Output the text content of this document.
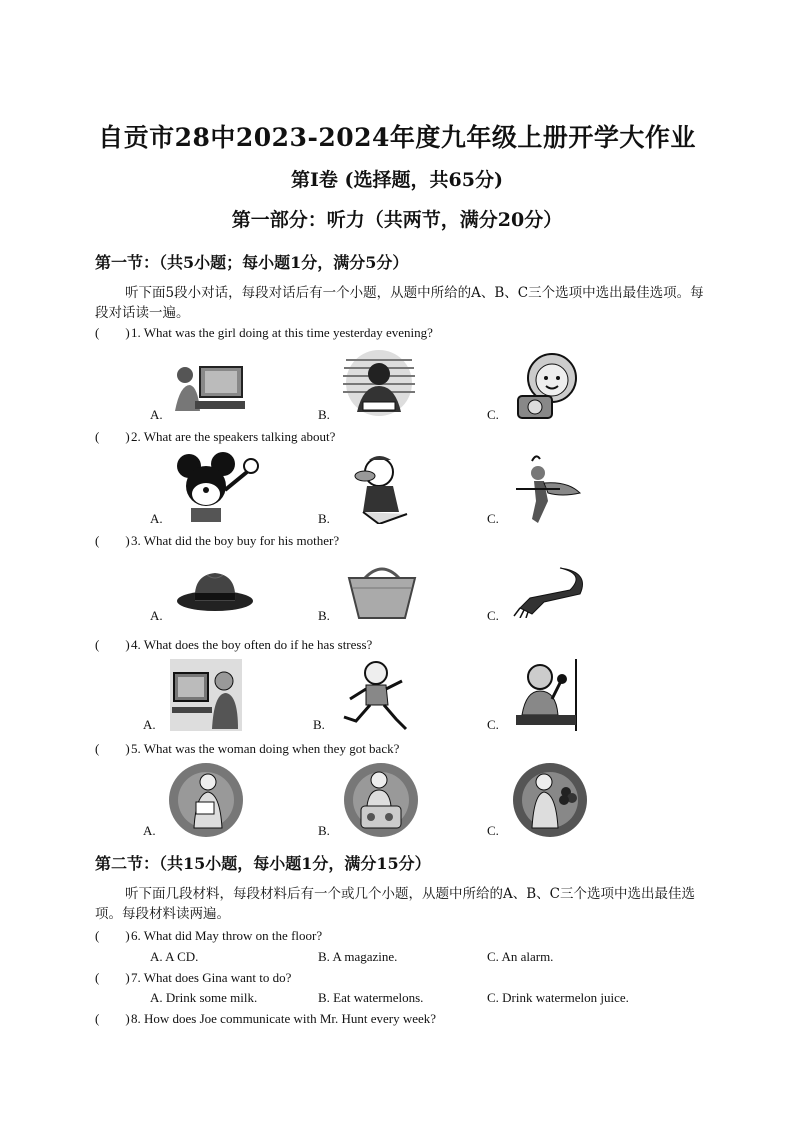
自贡市28中2023-2024年度九年级上册开学大作业
第Ⅰ卷 (选择题，共65分)
第一部分：听力（共两节，满分20分）
第一节：（共5小题；每小题1分，满分5分）
听下面5段小对话，每段对话后有一个小题，从题中所给的A、B、C三个选项中选出最佳选项。每段对话读一遍。
( )1. What was the girl doing at this time yesterday evening?
A.	B.	C.
( )2. What are the speakers talking about?
A.	B.	C.
( )3. What did the boy buy for his mother?
A.	B.	C.
( )4. What does the boy often do if he has stress?
A.	B.	C.
( )5. What was the woman doing when they got back?
A.	B.	C.
第二节：（共15小题，每小题1分，满分15分）
听下面几段材料，每段材料后有一个或几个小题，从题中所给的A、B、C三个选项中选出最佳选项。每段材料读两遍。
( )6. What did May throw on the floor?
A. A CD.	B. A magazine.	C. An alarm.
( )7. What does Gina want to do?
A. Drink some milk.	B. Eat watermelons.	C. Drink watermelon juice.
( )8. How does Joe communicate with Mr. Hunt every week?
